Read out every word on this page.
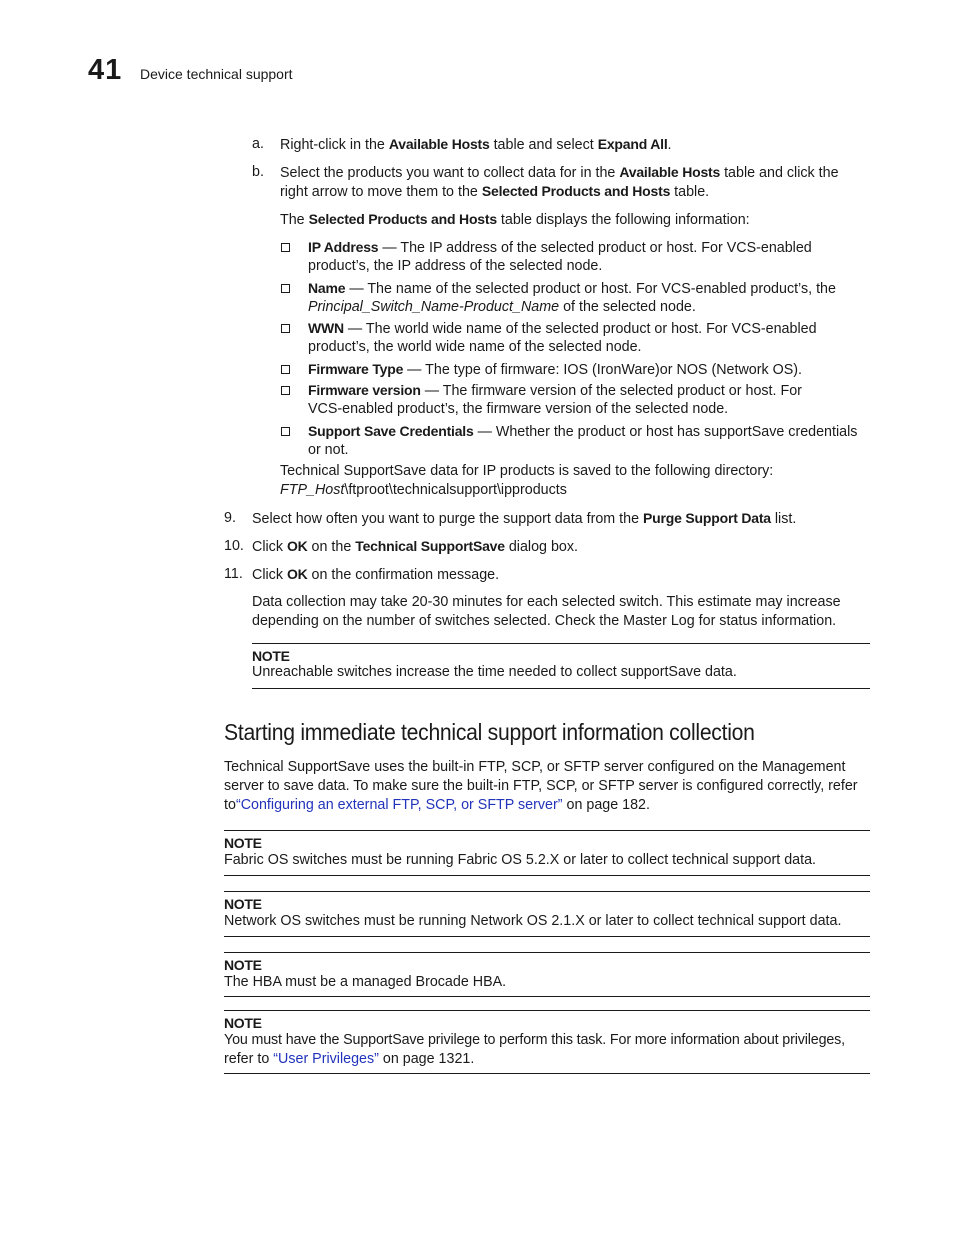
41 Device technical support
a. Right-click in the Available Hosts table and select Expand All.
b. Select the products you want to collect data for in the Available Hosts table and click the
right arrow to move them to the Selected Products and Hosts table.
The Selected Products and Hosts table displays the following information:
IP Address — The IP address of the selected product or host. For VCS-enabled
product’s, the IP address of the selected node.
Name — The name of the selected product or host. For VCS-enabled product’s, the
Principal_Switch_Name-Product_Name of the selected node.
WWN — The world wide name of the selected product or host. For VCS-enabled
product’s, the world wide name of the selected node.
Firmware Type — The type of firmware: IOS (IronWare)or NOS (Network OS).
Firmware version — The firmware version of the selected product or host. For
VCS-enabled product’s, the firmware version of the selected node.
Support Save Credentials — Whether the product or host has supportSave credentials
or not.
Technical SupportSave data for IP products is saved to the following directory:
FTP_Host\ftproot\technicalsupport\ipproducts
9. Select how often you want to purge the support data from the Purge Support Data list.
10. Click OK on the Technical SupportSave dialog box.
11. Click OK on the confirmation message.
Data collection may take 20-30 minutes for each selected switch. This estimate may increase
depending on the number of switches selected. Check the Master Log for status information.
NOTE
Unreachable switches increase the time needed to collect supportSave data.
Starting immediate technical support information collection
Technical SupportSave uses the built-in FTP, SCP, or SFTP server configured on the Management
server to save data. To make sure the built-in FTP, SCP, or SFTP server is configured correctly, refer
to“Configuring an external FTP, SCP, or SFTP server” on page 182.
NOTE
Fabric OS switches must be running Fabric OS 5.2.X or later to collect technical support data.
NOTE
Network OS switches must be running Network OS 2.1.X or later to collect technical support data.
NOTE
The HBA must be a managed Brocade HBA.
NOTE
You must have the SupportSave privilege to perform this task. For more information about privileges,
refer to “User Privileges” on page 1321.
